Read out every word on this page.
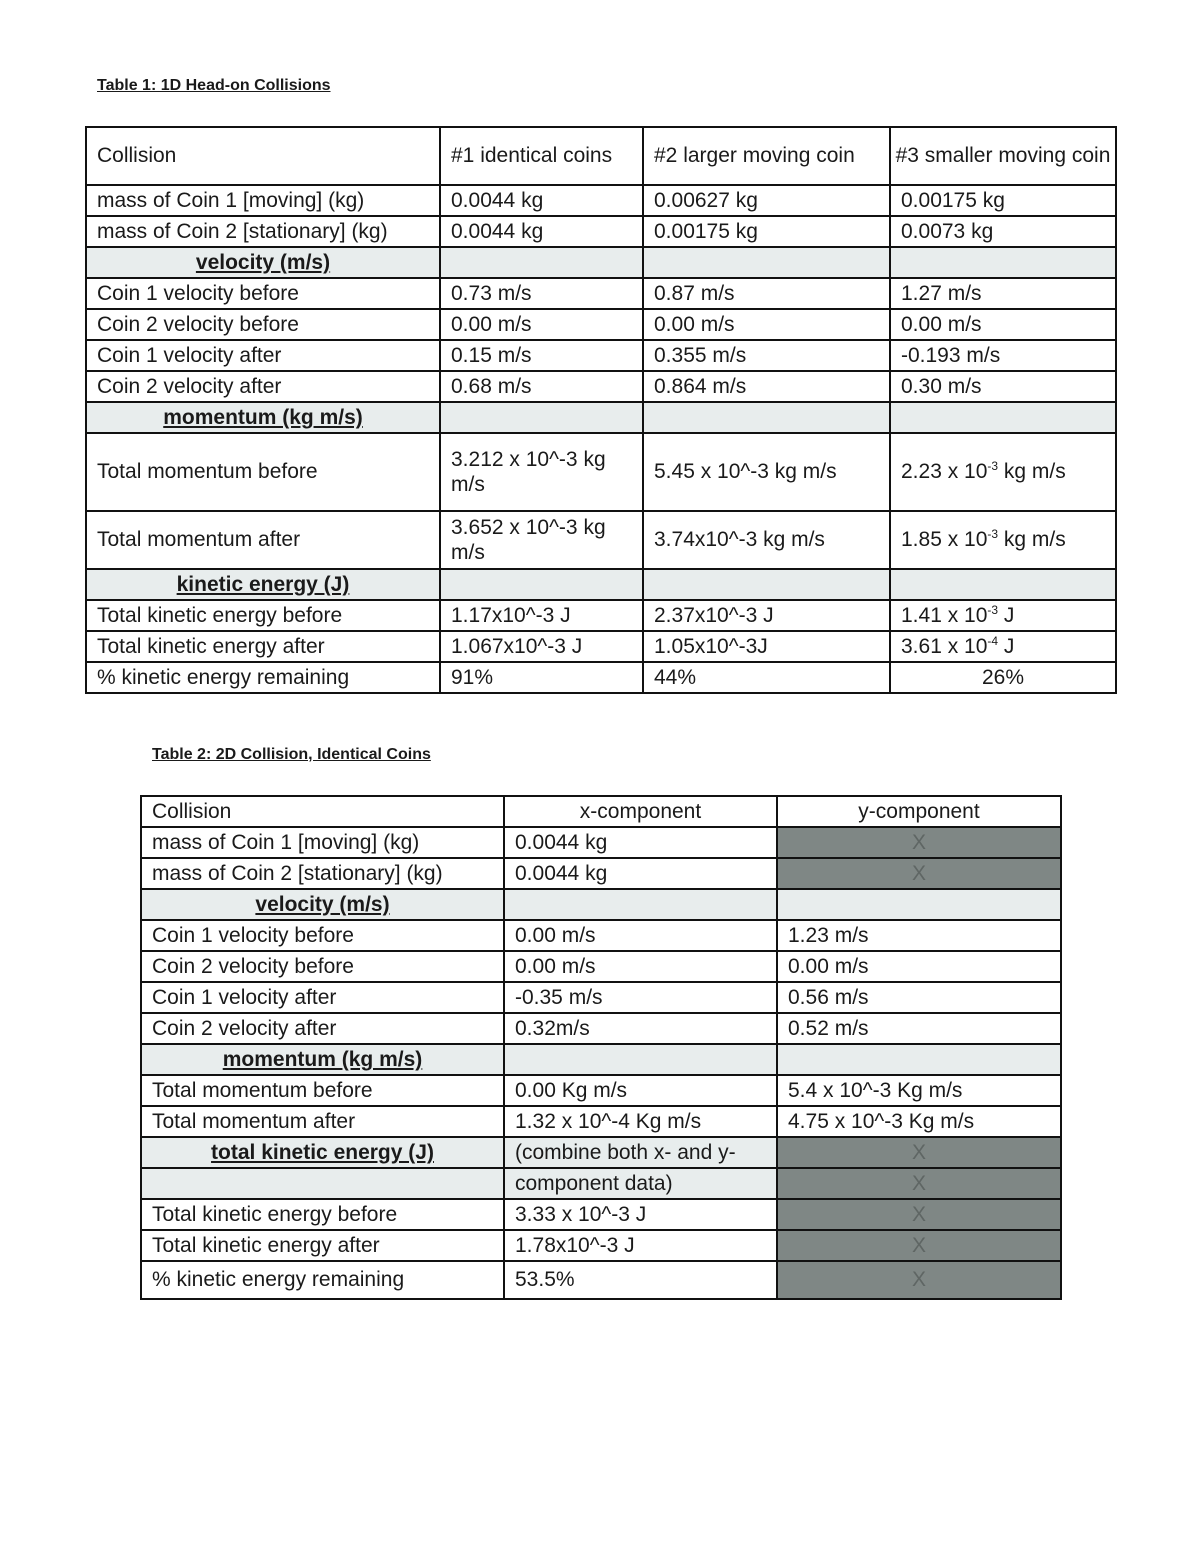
Table 1: 1D Head-on Collisions
Collision	#1 identical coins	#2 larger moving coin	#3 smaller moving coin
mass of Coin 1 [moving] (kg)	0.0044 kg	0.00627 kg	0.00175 kg
mass of Coin 2 [stationary] (kg)	0.0044 kg	0.00175 kg	0.0073 kg
velocity (m/s)			
Coin 1 velocity before	0.73 m/s	0.87 m/s	1.27 m/s
Coin 2 velocity before	0.00 m/s	0.00 m/s	0.00 m/s
Coin 1 velocity after	0.15 m/s	0.355 m/s	-0.193 m/s
Coin 2 velocity after	0.68 m/s	0.864 m/s	0.30 m/s
momentum (kg m/s)			
Total momentum before	3.212 x 10^-3 kg m/s	5.45 x 10^-3 kg m/s	2.23 x $10^{-3}$ kg m/s
Total momentum after	3.652 x 10^-3 kg m/s	3.74x10^-3 kg m/s	1.85 x $10^{-3}$ kg m/s
kinetic energy (J)			
Total kinetic energy before	1.17x10^-3 J	2.37x10^-3 J	1.41 x $10^{-3}$ J
Total kinetic energy after	1.067x10^-3 J	1.05x10^-3J	3.61 x $10^{-4}$ J
% kinetic energy remaining	91%	44%	26%
Table 2: 2D Collision, Identical Coins
Collision	x-component	y-component
mass of Coin 1 [moving] (kg)	0.0044 kg	X
mass of Coin 2 [stationary] (kg)	0.0044 kg	X
velocity (m/s)		
Coin 1 velocity before	0.00 m/s	1.23 m/s
Coin 2 velocity before	0.00 m/s	0.00 m/s
Coin 1 velocity after	-0.35 m/s	0.56 m/s
Coin 2 velocity after	0.32m/s	0.52 m/s
momentum (kg m/s)		
Total momentum before	0.00 Kg m/s	5.4 x 10^-3 Kg m/s
Total momentum after	1.32 x 10^-4 Kg m/s	4.75 x 10^-3 Kg m/s
total kinetic energy (J)	(combine both x- and y-	X
	component data)	X
Total kinetic energy before	3.33 x 10^-3 J	X
Total kinetic energy after	1.78x10^-3 J	X
% kinetic energy remaining	53.5%	X
